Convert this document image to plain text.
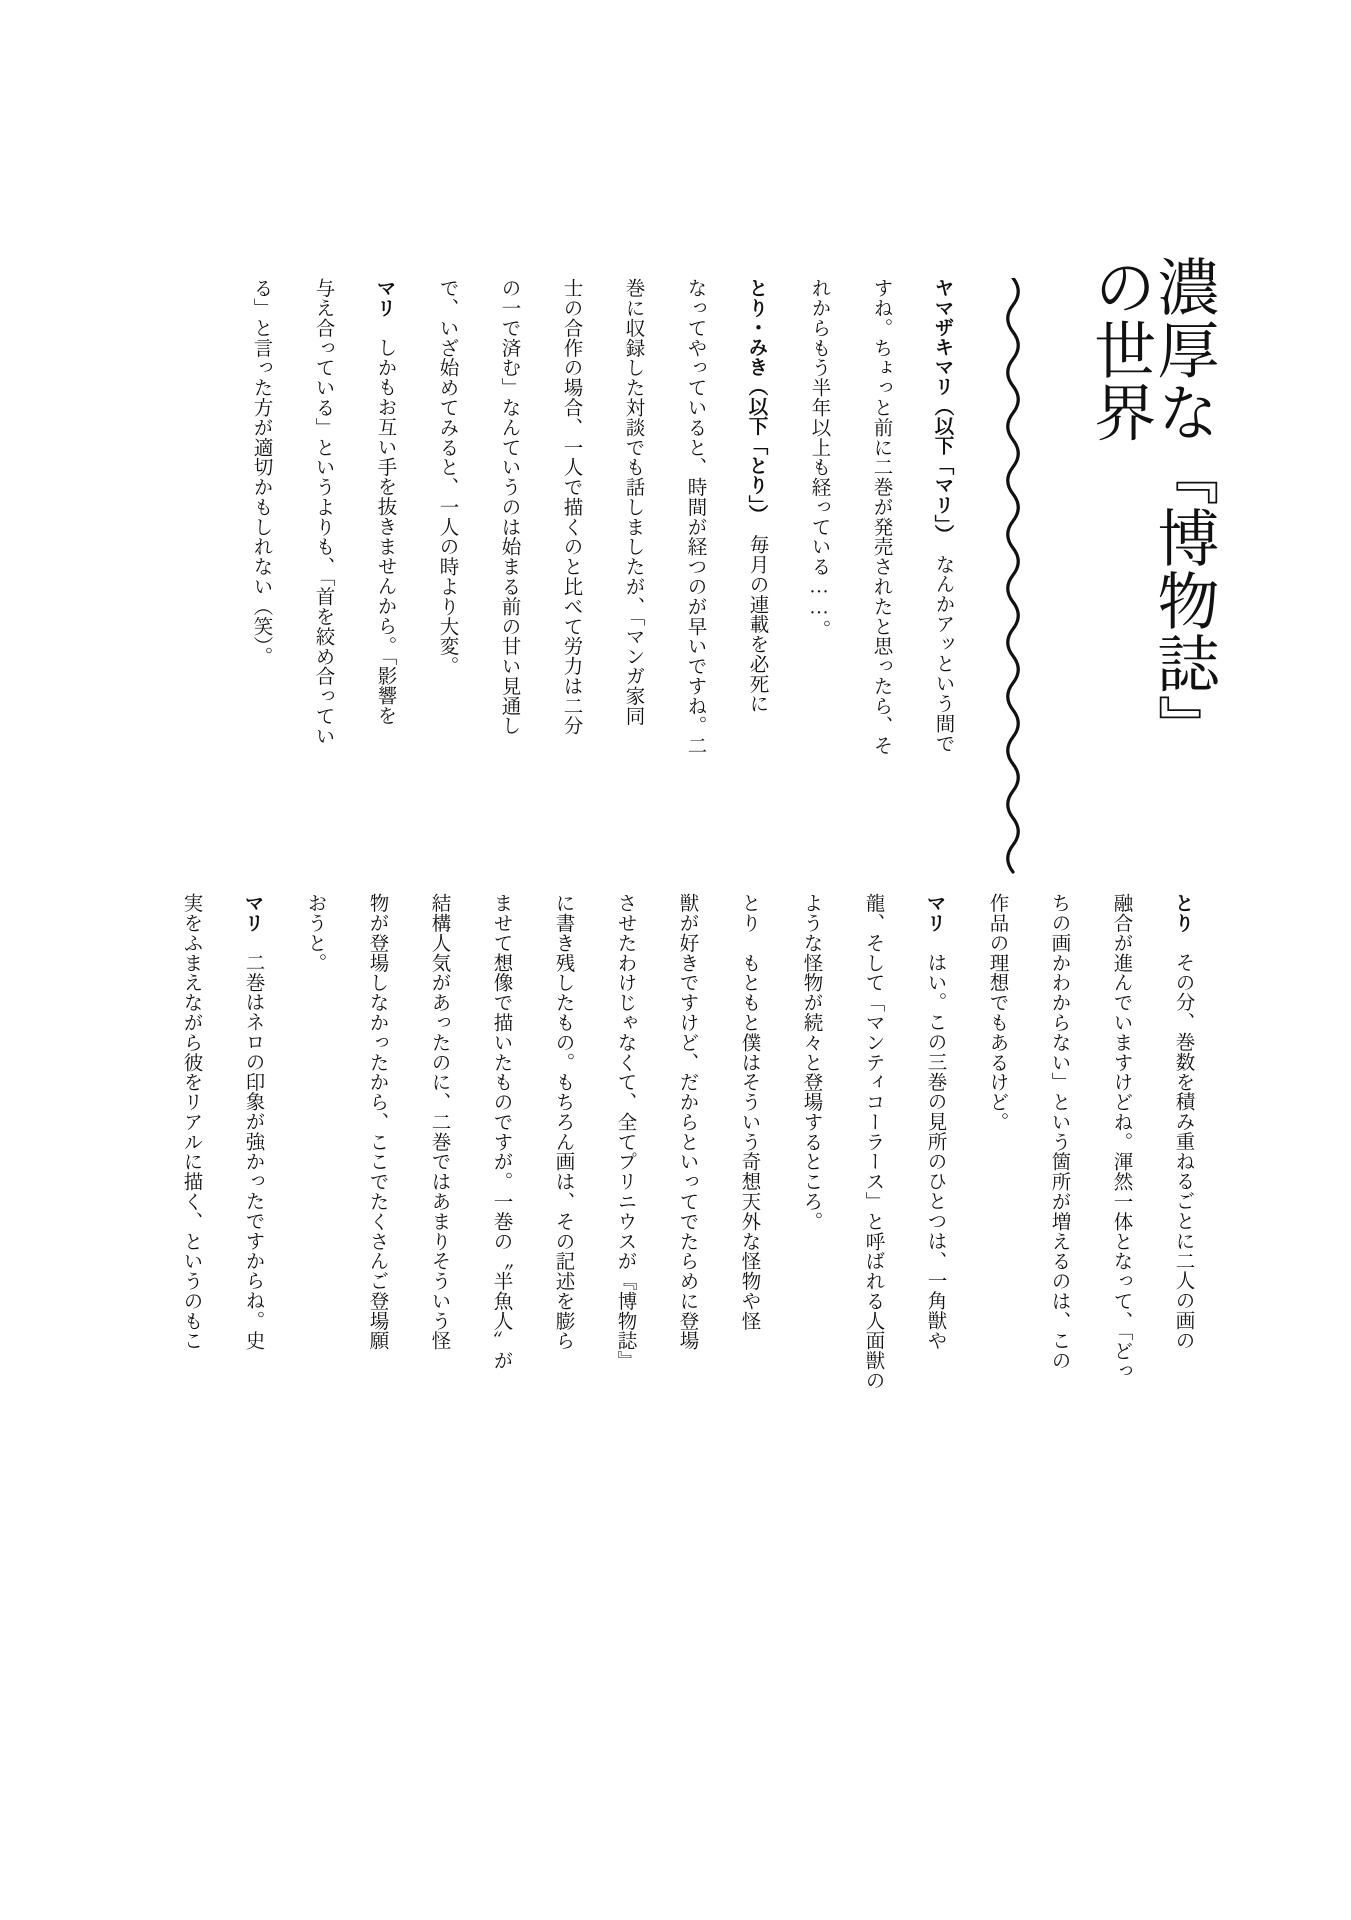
濃厚な『博物誌』の世界
る」と言った方が適切かもしれない（笑）。 与え合っている」というよりも、「首を絞め合ってい マリ　しかもお互い手を抜きませんから。「影響を で、いざ始めてみると、一人の時より大変。 の一で済む」なんていうのは始まる前の甘い見通し 士の合作の場合、一人で描くのと比べて労力は二分 巻に収録した対談でも話しましたが、「マンガ家同 なってやっていると、時間が経つのが早いですね。二 とり・みき（以下「とり」）　毎月の連載を必死に れからもう半年以上も経っている……。 すね。ちょっと前に二巻が発売されたと思ったら、そ ヤマザキマリ（以下「マリ」）　なんかアッという間で
実をふまえながら彼をリアルに描く、というのもこ マリ　二巻はネロの印象が強かったですからね。史 おうと。 物が登場しなかったから、ここでたくさんご登場願 結構人気があったのに、二巻ではあまりそういう怪 ませて想像で描いたものですが。一巻の〝半魚人〟が に書き残したもの。もちろん画は、その記述を膨ら させたわけじゃなくて、全てプリニウスが『博物誌』 獣が好きですけど、だからといってでたらめに登場 とり　もともと僕はそういう奇想天外な怪物や怪 ような怪物が続々と登場するところ。 龍、そして「マンティコーラース」と呼ばれる人面獣の マリ　はい。この三巻の見所のひとつは、一角獣や 作品の理想でもあるけど。 ちの画かわからない」という箇所が増えるのは、この 融合が進んでいますけどね。渾然一体となって、「どっ とり　その分、巻数を積み重ねるごとに二人の画の
